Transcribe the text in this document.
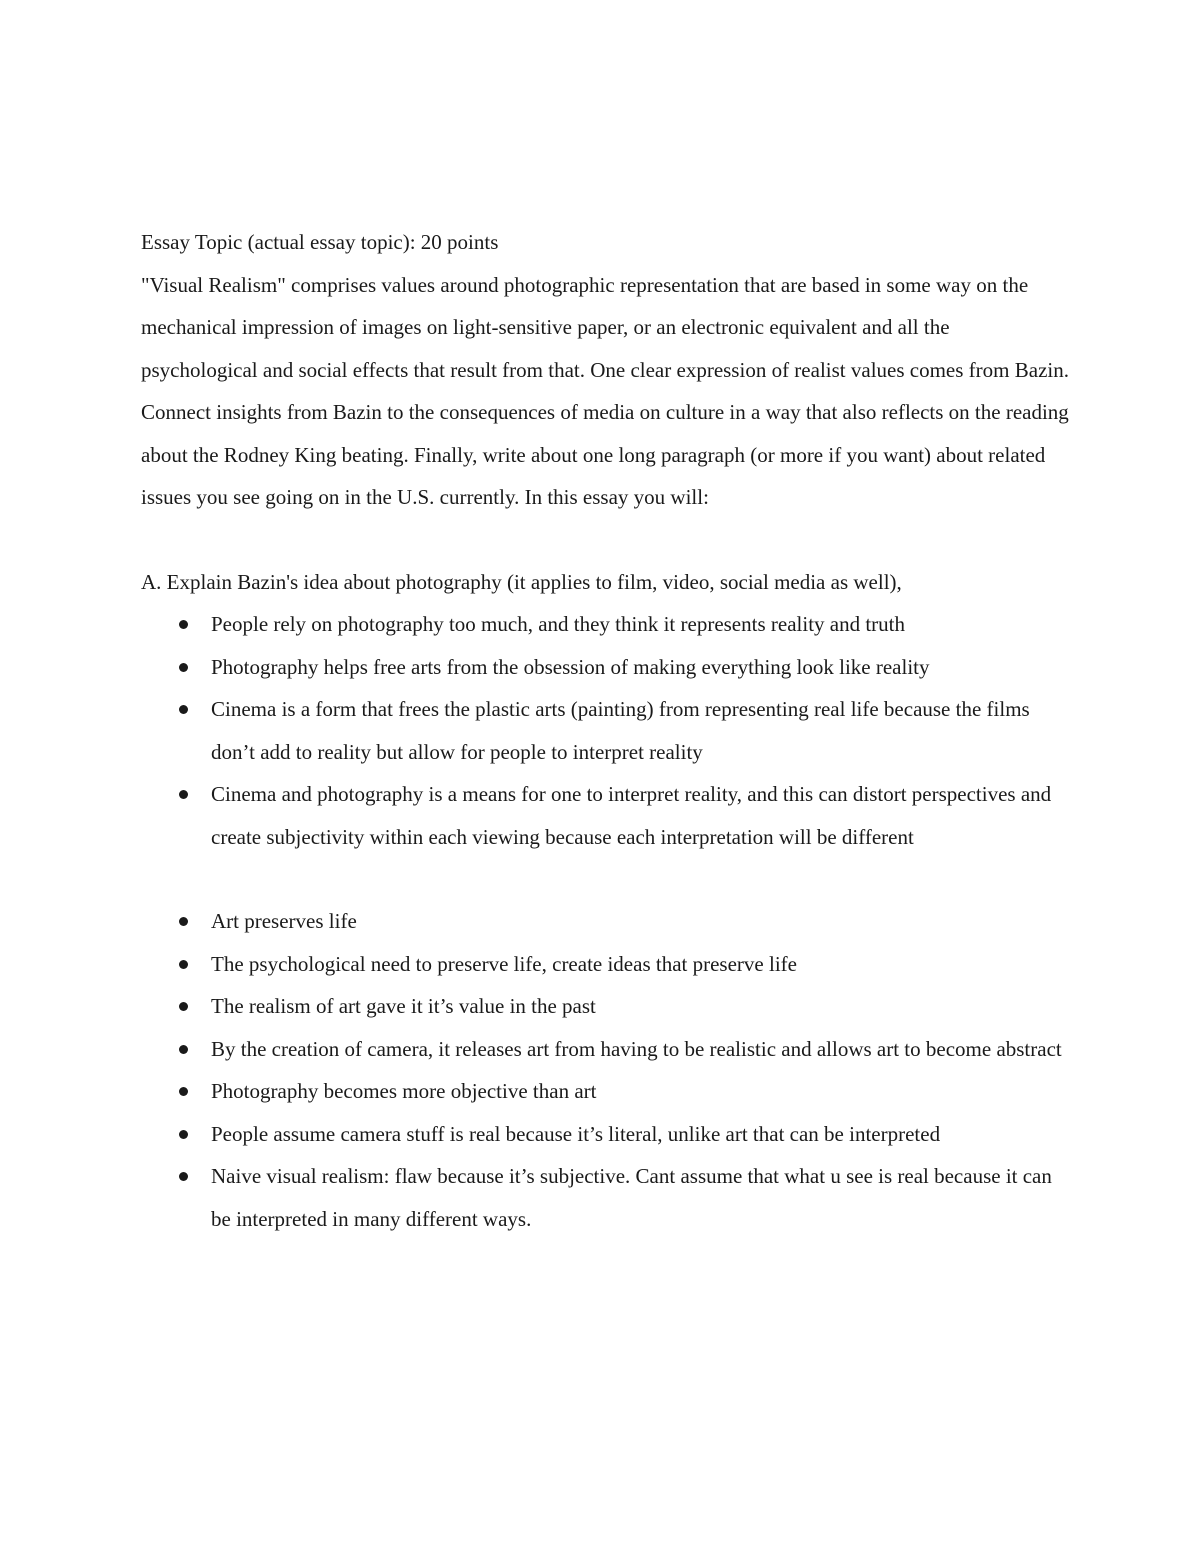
Essay Topic (actual essay topic): 20 points

"Visual Realism" comprises values around photographic representation that are based in some way on the mechanical impression of images on light-sensitive paper, or an electronic equivalent and all the psychological and social effects that result from that. One clear expression of realist values comes from Bazin. Connect insights from Bazin to the consequences of media on culture in a way that also reflects on the reading about the Rodney King beating. Finally, write about one long paragraph (or more if you want) about related issues you see going on in the U.S. currently. In this essay you will:

A. Explain Bazin's idea about photography (it applies to film, video, social media as well),

People rely on photography too much, and they think it represents reality and truth
Photography helps free arts from the obsession of making everything look like reality
Cinema is a form that frees the plastic arts (painting) from representing real life because the films don’t add to reality but allow for people to interpret reality
Cinema and photography is a means for one to interpret reality, and this can distort perspectives and create subjectivity within each viewing because each interpretation will be different
Art preserves life
The psychological need to preserve life, create ideas that preserve life
The realism of art gave it it’s value in the past
By the creation of camera, it releases art from having to be realistic and allows art to become abstract
Photography becomes more objective than art
People assume camera stuff is real because it’s literal, unlike art that can be interpreted
Naive visual realism: flaw because it’s subjective. Cant assume that what u see is real because it can be interpreted in many different ways.
